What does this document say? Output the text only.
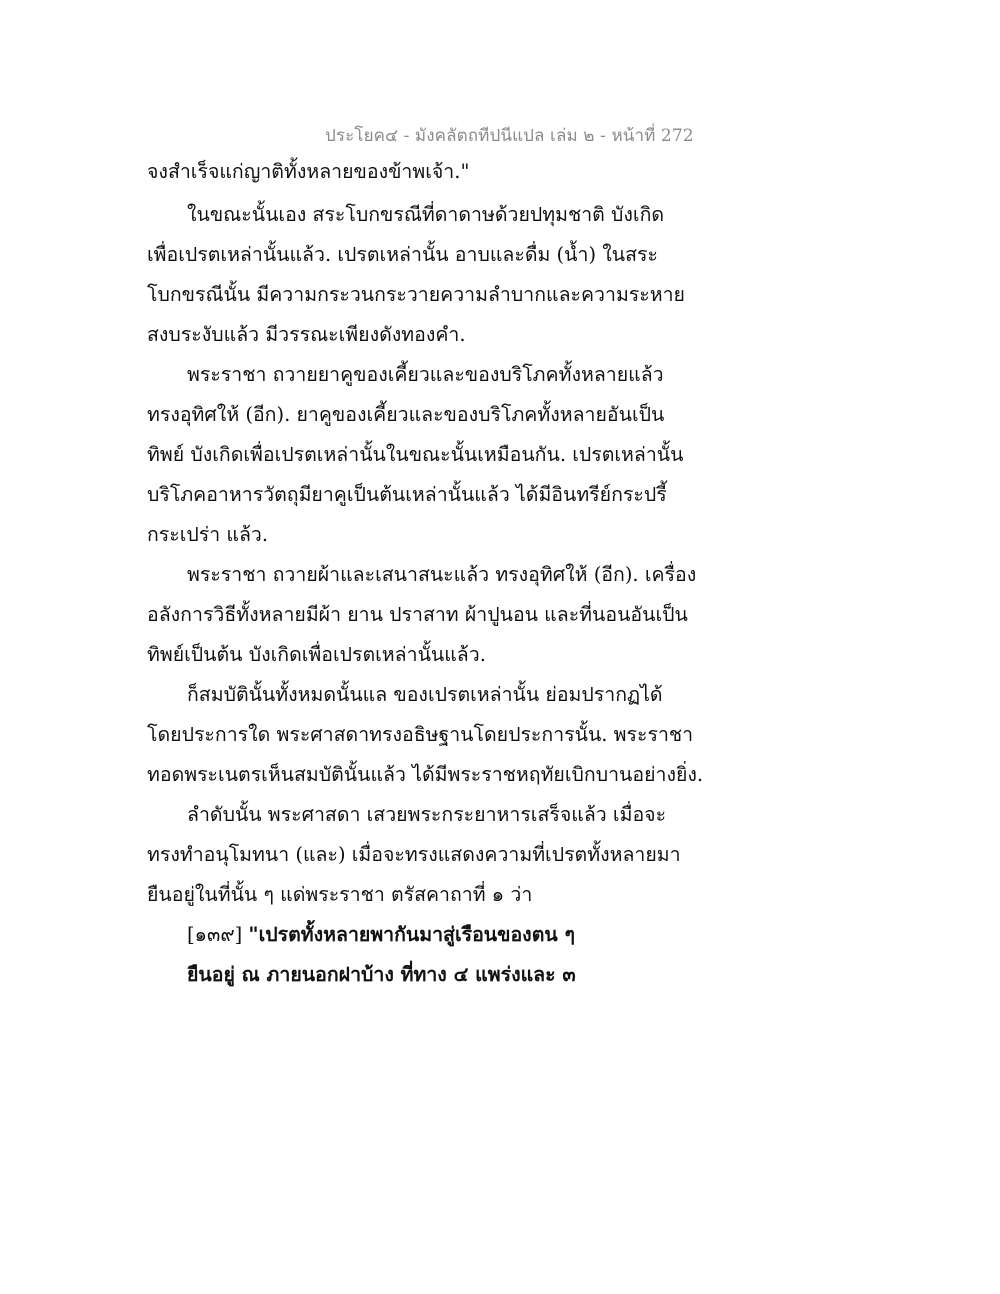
ประโยค๔ - มังคลัตถทีปนีแปล เล่ม ๒ - หน้าที่ 272
จงสำเร็จแก่ญาติทั้งหลายของข้าพเจ้า."
ในขณะนั้นเอง สระโบกขรณีที่ดาดาษด้วยปทุมชาติ บังเกิด
เพื่อเปรตเหล่านั้นแล้ว. เปรตเหล่านั้น อาบและดื่ม (น้ำ) ในสระ
โบกขรณีนั้น มีความกระวนกระวายความลำบากและความระหาย
สงบระงับแล้ว มีวรรณะเพียงดังทองคำ.
พระราชา ถวายยาคูของเคี้ยวและของบริโภคทั้งหลายแล้ว
ทรงอุทิศให้ (อีก). ยาคูของเคี้ยวและของบริโภคทั้งหลายอันเป็น
ทิพย์ บังเกิดเพื่อเปรตเหล่านั้นในขณะนั้นเหมือนกัน. เปรตเหล่านั้น
บริโภคอาหารวัตถุมียาคูเป็นต้นเหล่านั้นแล้ว ได้มีอินทรีย์กระปรี้
กระเปร่า แล้ว.
พระราชา ถวายผ้าและเสนาสนะแล้ว ทรงอุทิศให้ (อีก). เครื่อง
อลังการวิธีทั้งหลายมีผ้า ยาน ปราสาท ผ้าปูนอน และที่นอนอันเป็น
ทิพย์เป็นต้น บังเกิดเพื่อเปรตเหล่านั้นแล้ว.
ก็สมบัตินั้นทั้งหมดนั้นแล ของเปรตเหล่านั้น ย่อมปรากฏได้
โดยประการใด พระศาสดาทรงอธิษฐานโดยประการนั้น. พระราชา
ทอดพระเนตรเห็นสมบัตินั้นแล้ว ได้มีพระราชหฤทัยเบิกบานอย่างยิ่ง.
ลำดับนั้น พระศาสดา เสวยพระกระยาหารเสร็จแล้ว เมื่อจะ
ทรงทำอนุโมทนา (และ) เมื่อจะทรงแสดงความที่เปรตทั้งหลายมา
ยืนอยู่ในที่นั้น ๆ แด่พระราชา ตรัสคาถาที่ ๑ ว่า
[๑๓๙] "เปรตทั้งหลายพากันมาสู่เรือนของตน ๆ
ยืนอยู่ ณ ภายนอกฝาบ้าง ที่ทาง ๔ แพร่งและ ๓
